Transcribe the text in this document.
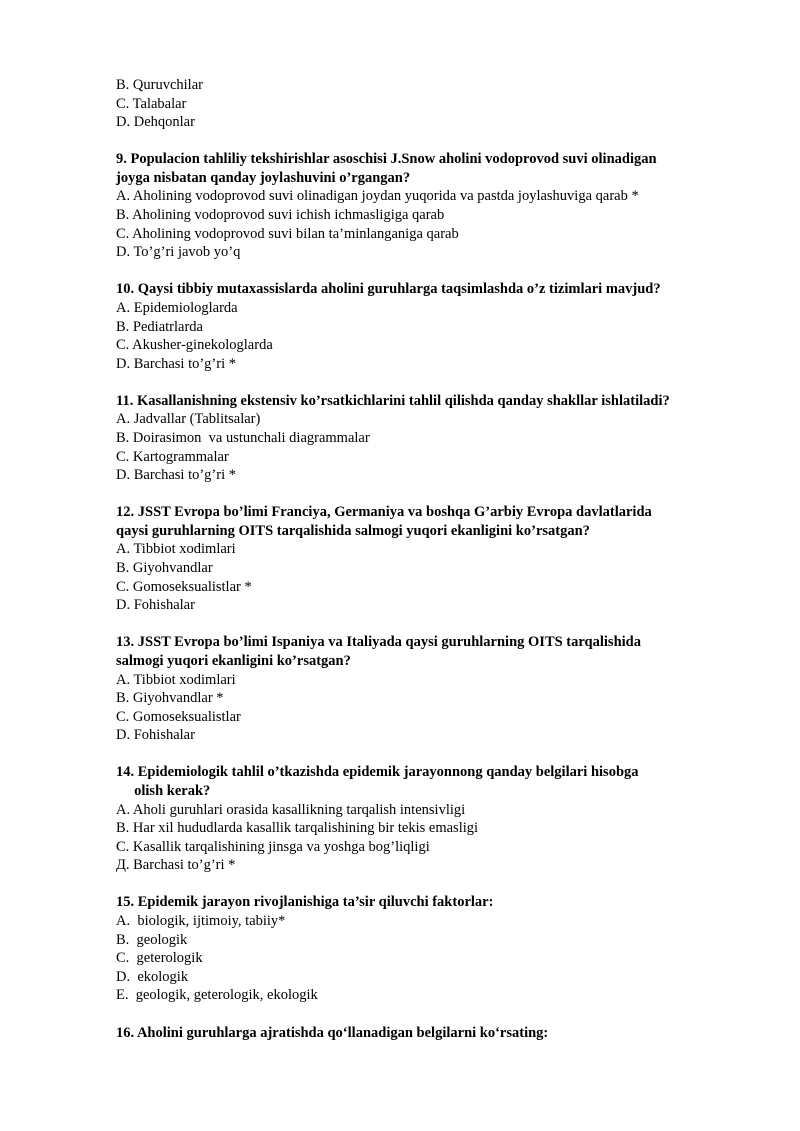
B. Quruvchilar
C. Talabalar
D. Dehqonlar
9. Populacion tahliliy tekshirishlar asoschisi J.Snow aholini vodoprovod suvi olinadigan
joyga nisbatan qanday joylashuvini o’rgangan?
A. Aholining vodoprovod suvi olinadigan joydan yuqorida va pastda joylashuviga qarab *
B. Aholining vodoprovod suvi ichish ichmasligiga qarab
C. Aholining vodoprovod suvi bilan ta’minlanganiga qarab
D. To’g’ri javob yo’q
10. Qaysi tibbiy mutaxassislarda aholini guruhlarga taqsimlashda o’z tizimlari mavjud?
A. Epidemiologlarda
B. Pediatrlarda
C. Akusher-ginekologlarda
D. Barchasi to’g’ri *
11. Kasallanishning ekstensiv ko’rsatkichlarini tahlil qilishda qanday shakllar ishlatiladi?
A. Jadvallar (Tablitsalar)
B. Doirasimon  va ustunchali diagrammalar
C. Kartogrammalar
D. Barchasi to’g’ri *
12. JSST Evropa bo’limi Franciya, Germaniya va boshqa G’arbiy Evropa davlatlarida
qaysi guruhlarning OITS tarqalishida salmogi yuqori ekanligini ko’rsatgan?
A. Tibbiot xodimlari
B. Giyohvandlar
C. Gomoseksualistlar *
D. Fohishalar
13. JSST Evropa bo’limi Ispaniya va Italiyada qaysi guruhlarning OITS tarqalishida
salmogi yuqori ekanligini ko’rsatgan?
A. Tibbiot xodimlari
B. Giyohvandlar *
C. Gomoseksualistlar
D. Fohishalar
14. Epidemiologik tahlil o’tkazishda epidemik jarayonnong qanday belgilari hisobga
olish kerak?
A. Aholi guruhlari orasida kasallikning tarqalish intensivligi
B. Har xil hududlarda kasallik tarqalishining bir tekis emasligi
C. Kasallik tarqalishining jinsga va yoshga bog’liqligi
Д. Barchasi to’g’ri *
15. Epidemik jarayon rivojlanishiga ta’sir qiluvchi faktorlar:
A.  biologik, ijtimoiy, tabiiy*
B.  geologik
C.  geterologik
D.  ekologik
E.  geologik, geterologik, ekologik
16. Aholini guruhlarga ajratishda qo‘llanadigan belgilarni ko‘rsating:
